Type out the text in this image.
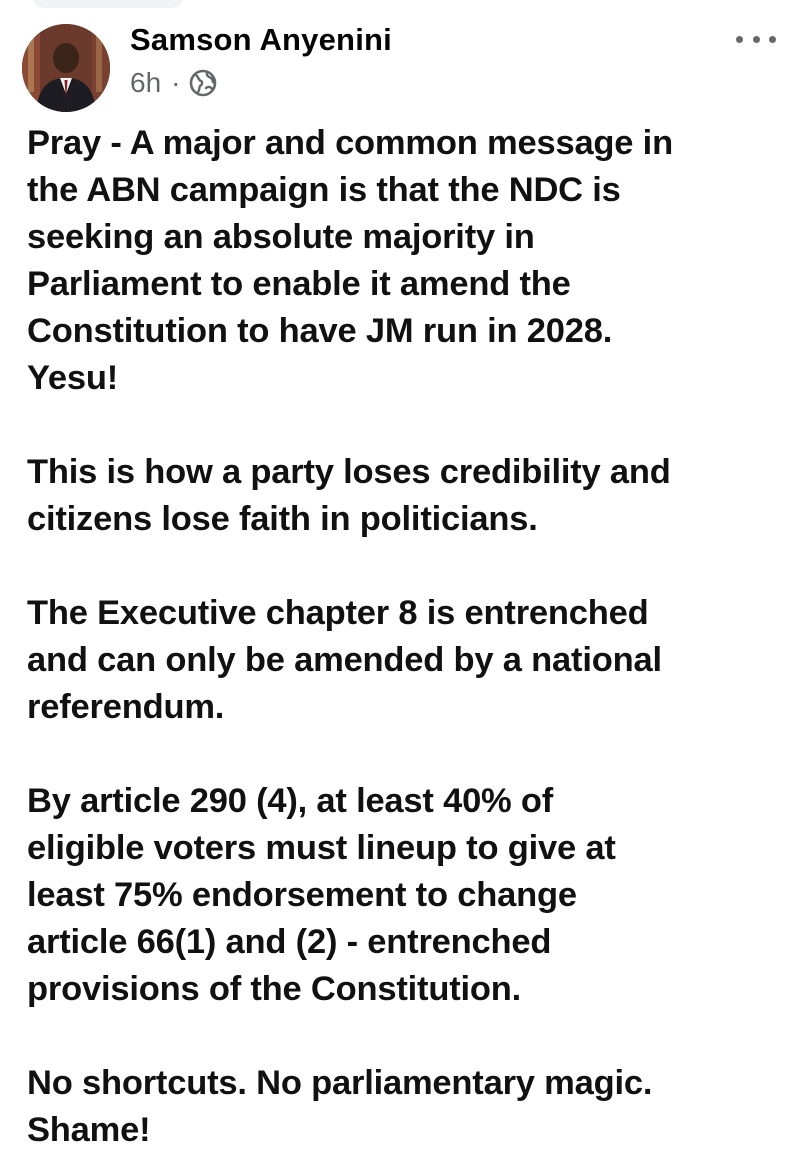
Samson Anyenini
6h ·

Pray - A major and common message in
the ABN campaign is that the NDC is
seeking an absolute majority in
Parliament to enable it amend the
Constitution to have JM run in 2028.
Yesu!

This is how a party loses credibility and
citizens lose faith in politicians.

The Executive chapter 8 is entrenched
and can only be amended by a national
referendum.

By article 290 (4), at least 40% of
eligible voters must lineup to give at
least 75% endorsement to change
article 66(1) and (2) - entrenched
provisions of the Constitution.

No shortcuts. No parliamentary magic.
Shame!
